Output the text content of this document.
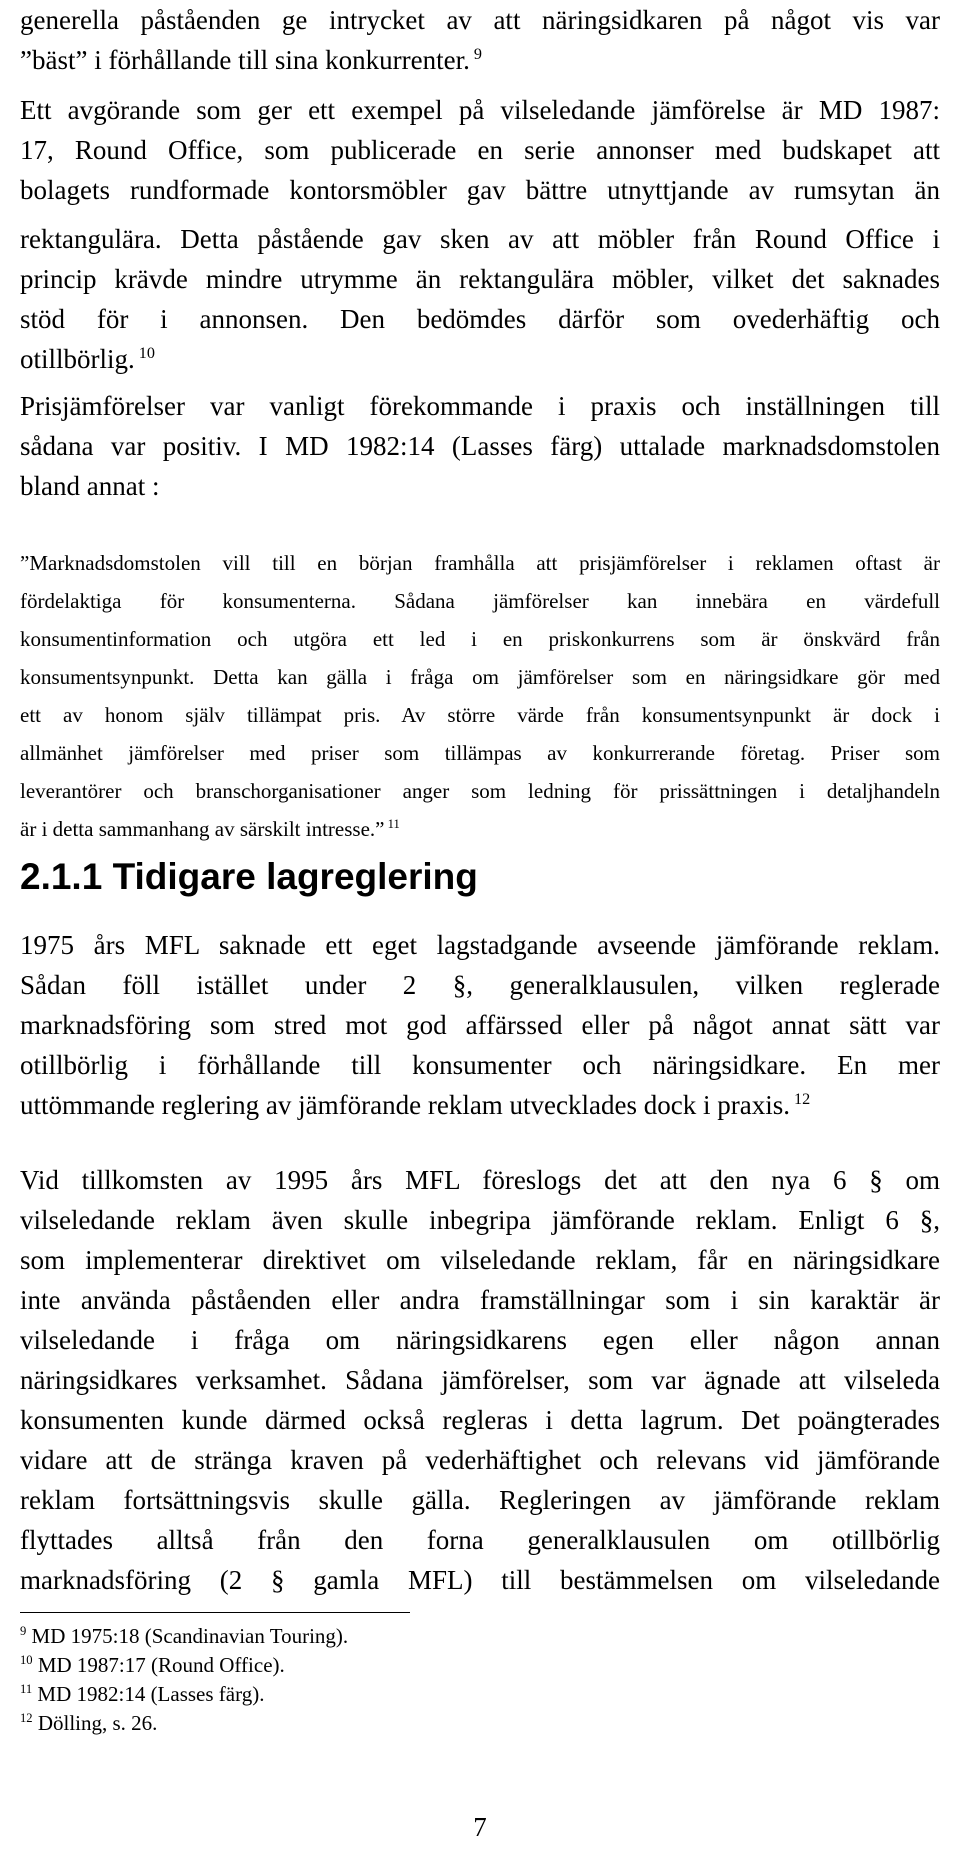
generella påståenden ge intrycket av att näringsidkaren på något vis var

”bäst” i förhållande till sina konkurrenter. $^9$

Ett avgörande som ger ett exempel på vilseledande jämförelse är MD 1987:

17, Round Office, som publicerade en serie annonser med budskapet att

bolagets rundformade kontorsmöbler gav bättre utnyttjande av rumsytan än

rektangulära. Detta påstående gav sken av att möbler från Round Office i

princip krävde mindre utrymme än rektangulära möbler, vilket det saknades

stöd för i annonsen. Den bedömdes därför som ovederhäftig och

otillbörlig. $^{10}$

Prisjämförelser var vanligt förekommande i praxis och inställningen till

sådana var positiv. I MD 1982:14 (Lasses färg) uttalade marknadsdomstolen

bland annat :

”Marknadsdomstolen vill till en början framhålla att prisjämförelser i reklamen oftast är

fördelaktiga för konsumenterna. Sådana jämförelser kan innebära en värdefull

konsumentinformation och utgöra ett led i en priskonkurrens som är önskvärd från

konsumentsynpunkt. Detta kan gälla i fråga om jämförelser som en näringsidkare gör med

ett av honom själv tillämpat pris. Av större värde från konsumentsynpunkt är dock i

allmänhet jämförelser med priser som tillämpas av konkurrerande företag. Priser som

leverantörer och branschorganisationer anger som ledning för prissättningen i detaljhandeln

är i detta sammanhang av särskilt intresse.” $^{11}$

2.1.1 Tidigare lagreglering

1975 års MFL saknade ett eget lagstadgande avseende jämförande reklam.

Sådan föll istället under 2 §, generalklausulen, vilken reglerade

marknadsföring som stred mot god affärssed eller på något annat sätt var

otillbörlig i förhållande till konsumenter och näringsidkare. En mer

uttömmande reglering av jämförande reklam utvecklades dock i praxis. $^{12}$

Vid tillkomsten av 1995 års MFL föreslogs det att den nya 6 § om

vilseledande reklam även skulle inbegripa jämförande reklam. Enligt 6 §,

som implementerar direktivet om vilseledande reklam, får en näringsidkare

inte använda påståenden eller andra framställningar som i sin karaktär är

vilseledande i fråga om näringsidkarens egen eller någon annan

näringsidkares verksamhet. Sådana jämförelser, som var ägnade att vilseleda

konsumenten kunde därmed också regleras i detta lagrum. Det poängterades

vidare att de stränga kraven på vederhäftighet och relevans vid jämförande

reklam fortsättningsvis skulle gälla. Regleringen av jämförande reklam

flyttades alltså från den forna generalklausulen om otillbörlig

marknadsföring (2 § gamla MFL) till bestämmelsen om vilseledande

$^9$ MD 1975:18 (Scandinavian Touring).

$^{10}$ MD 1987:17 (Round Office).

$^{11}$ MD 1982:14 (Lasses färg).

$^{12}$ Dölling, s. 26.

7
